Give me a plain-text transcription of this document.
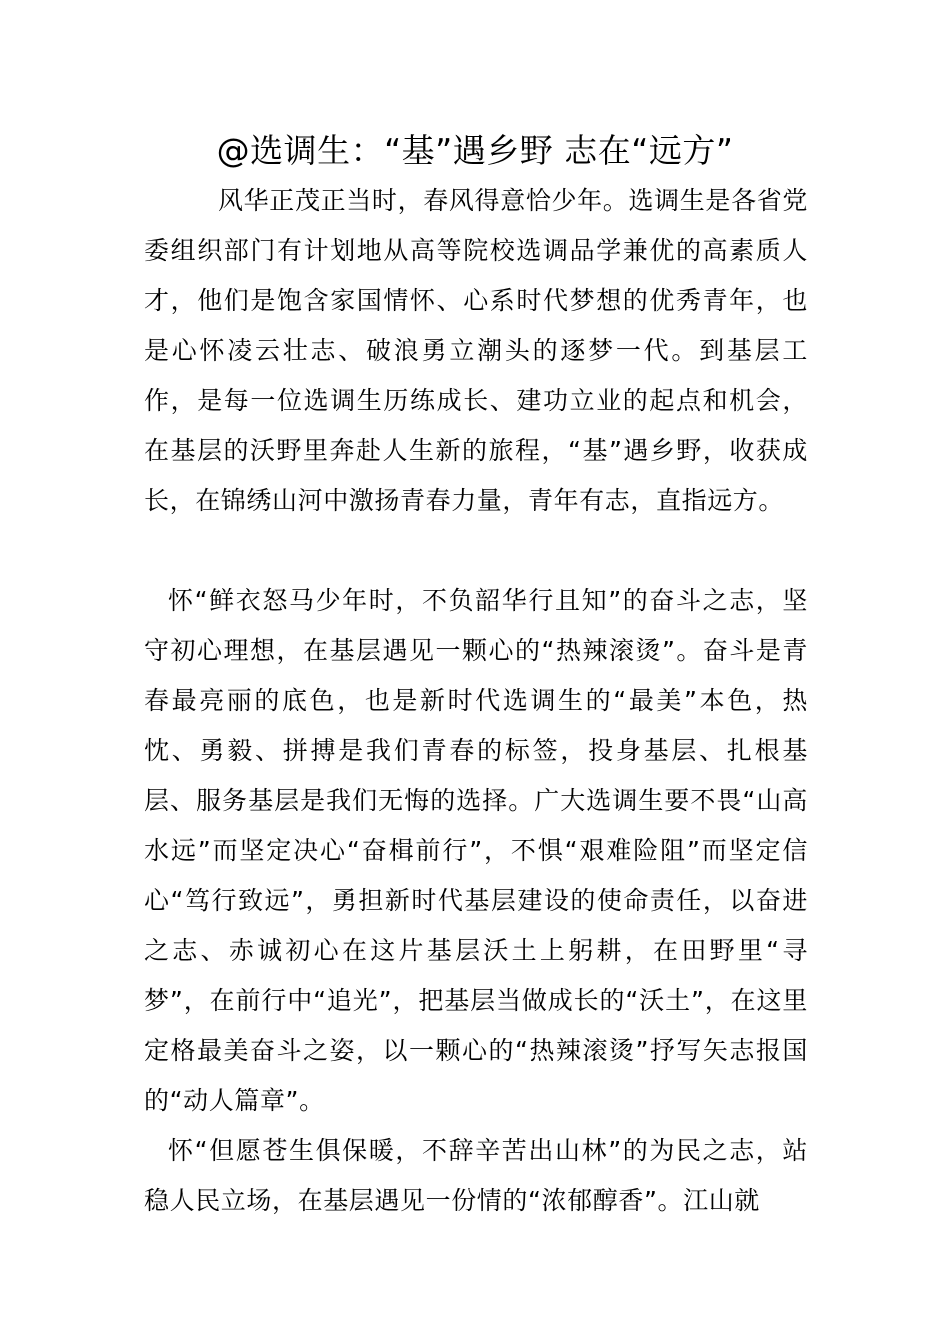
@选调生：“基”遇乡野 志在“远方”

风华正茂正当时，春风得意恰少年。选调生是各省党委组织部门有计划地从高等院校选调品学兼优的高素质人才，他们是饱含家国情怀、心系时代梦想的优秀青年，也是心怀凌云壮志、破浪勇立潮头的逐梦一代。到基层工作，是每一位选调生历练成长、建功立业的起点和机会，在基层的沃野里奔赴人生新的旅程，“基”遇乡野，收获成长，在锦绣山河中激扬青春力量，青年有志，直指远方。

怀“鲜衣怒马少年时，不负韶华行且知”的奋斗之志，坚守初心理想，在基层遇见一颗心的“热辣滚烫”。奋斗是青春最亮丽的底色，也是新时代选调生的“最美”本色，热忱、勇毅、拼搏是我们青春的标签，投身基层、扎根基层、服务基层是我们无悔的选择。广大选调生要不畏“山高水远”而坚定决心“奋楫前行”，不惧“艰难险阻”而坚定信心“笃行致远”，勇担新时代基层建设的使命责任，以奋进之志、赤诚初心在这片基层沃土上躬耕，在田野里“寻梦”，在前行中“追光”，把基层当做成长的“沃土”，在这里定格最美奋斗之姿，以一颗心的“热辣滚烫”抒写矢志报国的“动人篇章”。

怀“但愿苍生俱保暖，不辞辛苦出山林”的为民之志，站稳人民立场，在基层遇见一份情的“浓郁醇香”。江山就
